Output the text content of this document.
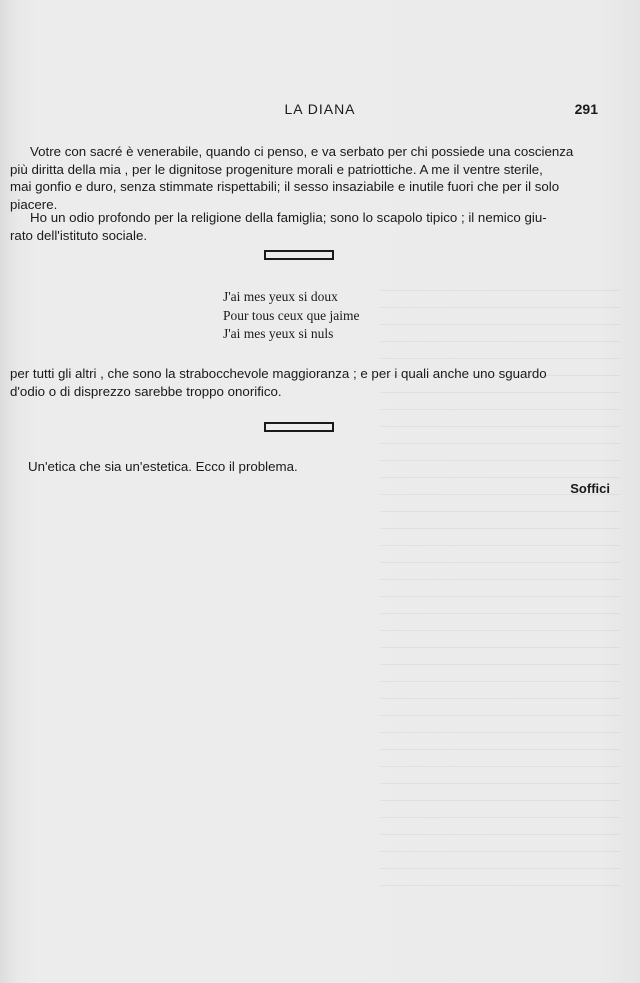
LA DIANA	291
Votre con sacré è venerabile, quando ci penso, e va serbato per chi possiede una coscienza
più diritta della mia , per le dignitose progeniture morali e patriottiche. A me il ventre sterile,
mai gonfio e duro, senza stimmate rispettabili; il sesso insaziabile e inutile fuori che per il solo
piacere.
Ho un odio profondo per la religione della famiglia; sono lo scapolo tipico ; il nemico giu-
rato dell'istituto sociale.
J'ai mes yeux si doux
Pour tous ceux que jaime
J'ai mes yeux si nuls
per tutti gli altri , che sono la strabocchevole maggioranza ; e per i quali anche uno sguardo
d'odio o di disprezzo sarebbe troppo onorifico.
Un'etica che sia un'estetica. Ecco il problema.
Soffici
